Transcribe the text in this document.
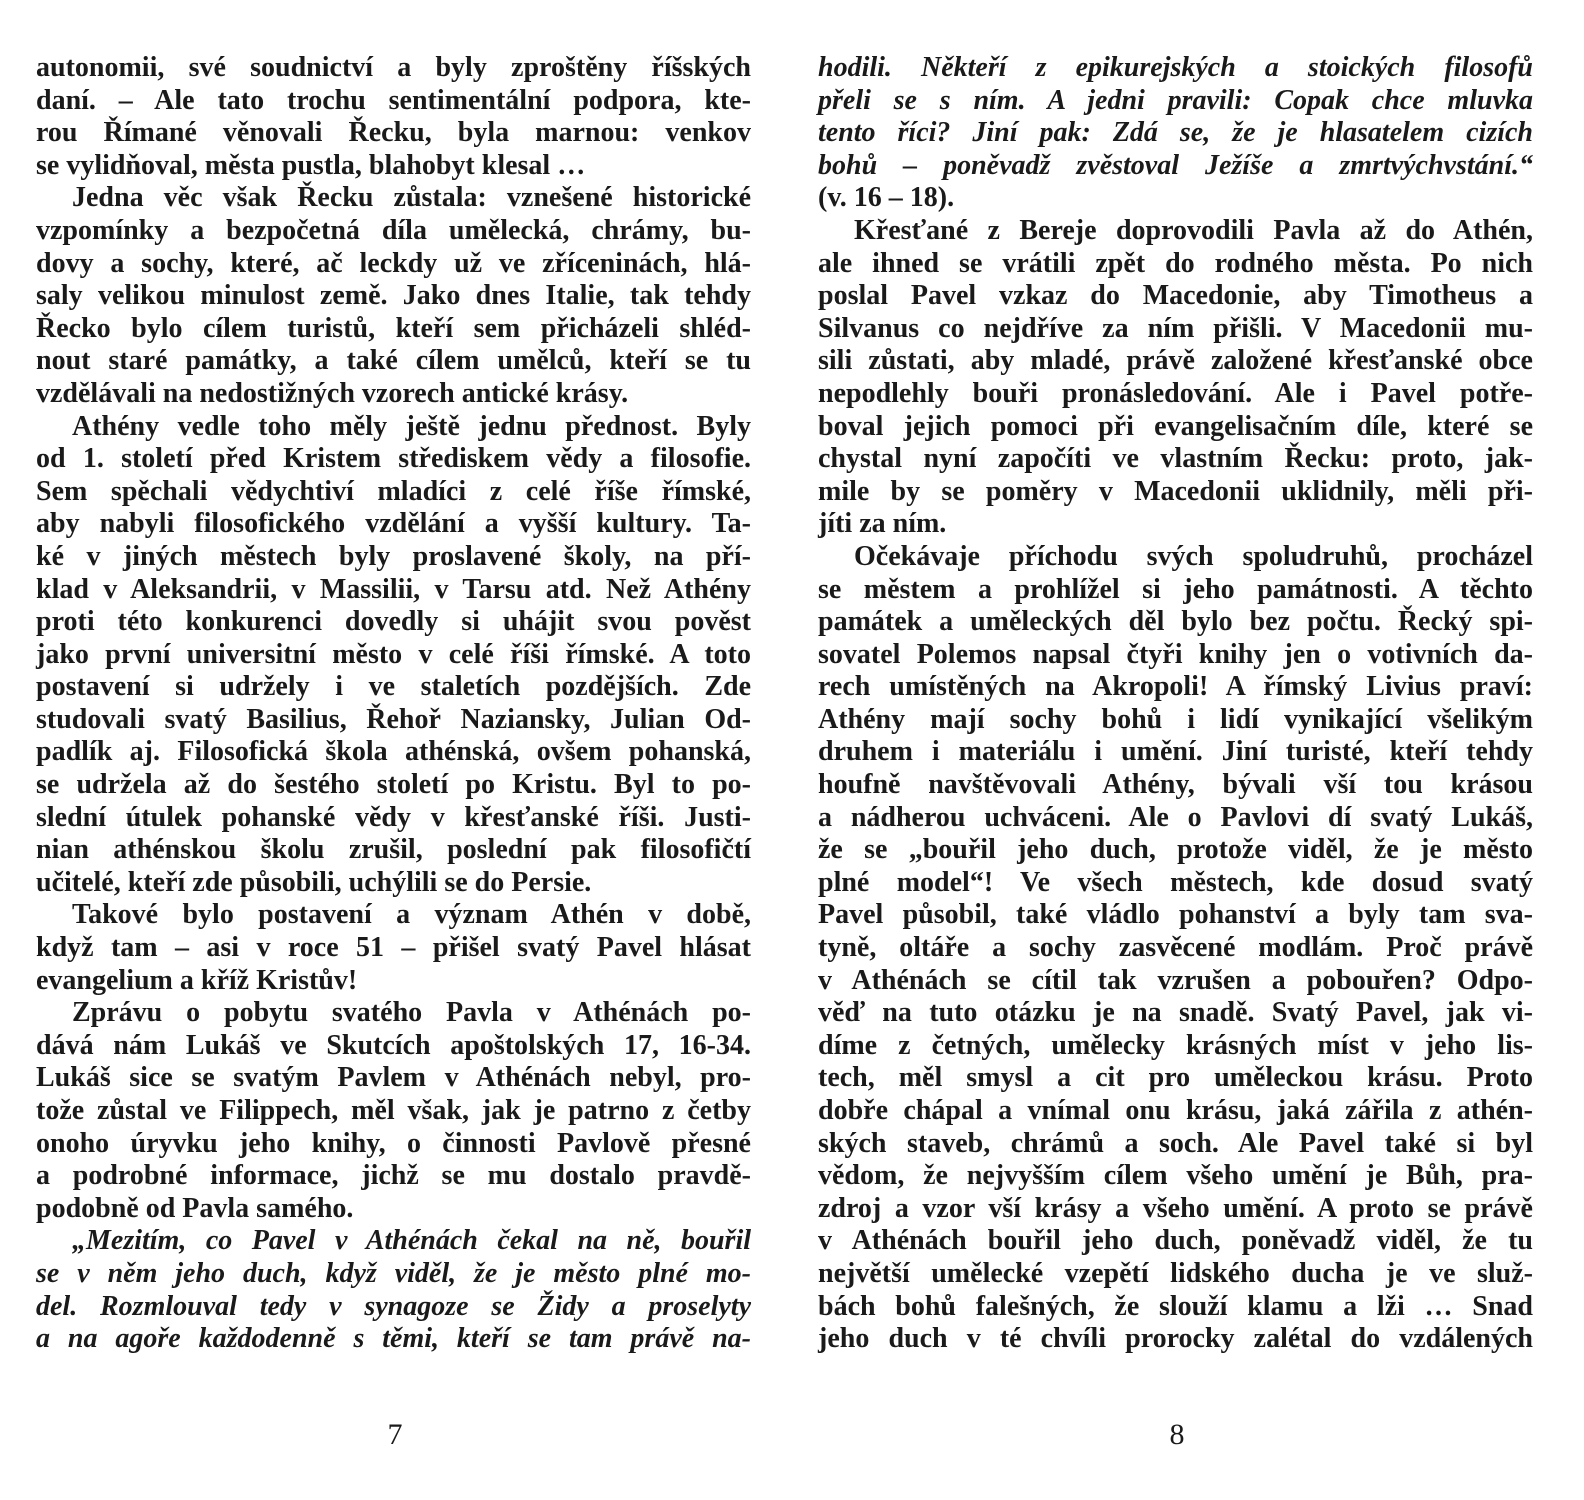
autonomii, své soudnictví a byly zproštěny říšských
daní. – Ale tato trochu sentimentální podpora, kte-
rou Římané věnovali Řecku, byla marnou: venkov
se vylidňoval, města pustla, blahobyt klesal …
Jedna věc však Řecku zůstala: vznešené historické
vzpomínky a bezpočetná díla umělecká, chrámy, bu-
dovy a sochy, které, ač leckdy už ve zříceninách, hlá-
saly velikou minulost země. Jako dnes Italie, tak tehdy
Řecko bylo cílem turistů, kteří sem přicházeli shléd-
nout staré památky, a také cílem umělců, kteří se tu
vzdělávali na nedostižných vzorech antické krásy.
Athény vedle toho měly ještě jednu přednost. Byly
od 1. století před Kristem střediskem vědy a filosofie.
Sem spěchali vědychtiví mladíci z celé říše římské,
aby nabyli filosofického vzdělání a vyšší kultury. Ta-
ké v jiných městech byly proslavené školy, na pří-
klad v Aleksandrii, v Massilii, v Tarsu atd. Než Athény
proti této konkurenci dovedly si uhájit svou pověst
jako první universitní město v celé říši římské. A toto
postavení si udržely i ve staletích pozdějších. Zde
studovali svatý Basilius, Řehoř Naziansky, Julian Od-
padlík aj. Filosofická škola athénská, ovšem pohanská,
se udržela až do šestého století po Kristu. Byl to po-
slední útulek pohanské vědy v křesťanské říši. Justi-
nian athénskou školu zrušil, poslední pak filosofičtí
učitelé, kteří zde působili, uchýlili se do Persie.
Takové bylo postavení a význam Athén v době,
když tam – asi v roce 51 – přišel svatý Pavel hlásat
evangelium a kříž Kristův!
Zprávu o pobytu svatého Pavla v Athénách po-
dává nám Lukáš ve Skutcích apoštolských 17, 16-34.
Lukáš sice se svatým Pavlem v Athénách nebyl, pro-
tože zůstal ve Filippech, měl však, jak je patrno z četby
onoho úryvku jeho knihy, o činnosti Pavlově přesné
a podrobné informace, jichž se mu dostalo pravdě-
podobně od Pavla samého.
„Mezitím, co Pavel v Athénách čekal na ně, bouřil
se v něm jeho duch, když viděl, že je město plné mo-
del. Rozmlouval tedy v synagoze se Židy a proselyty
a na agoře každodenně s těmi, kteří se tam právě na-
hodili. Někteří z epikurejských a stoických filosofů
přeli se s ním. A jedni pravili: Copak chce mluvka
tento říci? Jiní pak: Zdá se, že je hlasatelem cizích
bohů – poněvadž zvěstoval Ježíše a zmrtvýchvstání.“
(v. 16 – 18).
Křesťané z Bereje doprovodili Pavla až do Athén,
ale ihned se vrátili zpět do rodného města. Po nich
poslal Pavel vzkaz do Macedonie, aby Timotheus a
Silvanus co nejdříve za ním přišli. V Macedonii mu-
sili zůstati, aby mladé, právě založené křesťanské obce
nepodlehly bouři pronásledování. Ale i Pavel potře-
boval jejich pomoci při evangelisačním díle, které se
chystal nyní započíti ve vlastním Řecku: proto, jak-
mile by se poměry v Macedonii uklidnily, měli při-
jíti za ním.
Očekávaje příchodu svých spoludruhů, procházel
se městem a prohlížel si jeho památnosti. A těchto
památek a uměleckých děl bylo bez počtu. Řecký spi-
sovatel Polemos napsal čtyři knihy jen o votivních da-
rech umístěných na Akropoli! A římský Livius praví:
Athény mají sochy bohů i lidí vynikající všelikým
druhem i materiálu i umění. Jiní turisté, kteří tehdy
houfně navštěvovali Athény, bývali vší tou krásou
a nádherou uchváceni. Ale o Pavlovi dí svatý Lukáš,
že se „bouřil jeho duch, protože viděl, že je město
plné model“! Ve všech městech, kde dosud svatý
Pavel působil, také vládlo pohanství a byly tam sva-
tyně, oltáře a sochy zasvěcené modlám. Proč právě
v Athénách se cítil tak vzrušen a pobouřen? Odpo-
věď na tuto otázku je na snadě. Svatý Pavel, jak vi-
díme z četných, umělecky krásných míst v jeho lis-
tech, měl smysl a cit pro uměleckou krásu. Proto
dobře chápal a vnímal onu krásu, jaká zářila z athén-
ských staveb, chrámů a soch. Ale Pavel také si byl
vědom, že nejvyšším cílem všeho umění je Bůh, pra-
zdroj a vzor vší krásy a všeho umění. A proto se právě
v Athénách bouřil jeho duch, poněvadž viděl, že tu
největší umělecké vzepětí lidského ducha je ve služ-
bách bohů falešných, že slouží klamu a lži … Snad
jeho duch v té chvíli prorocky zalétal do vzdálených
7	8
